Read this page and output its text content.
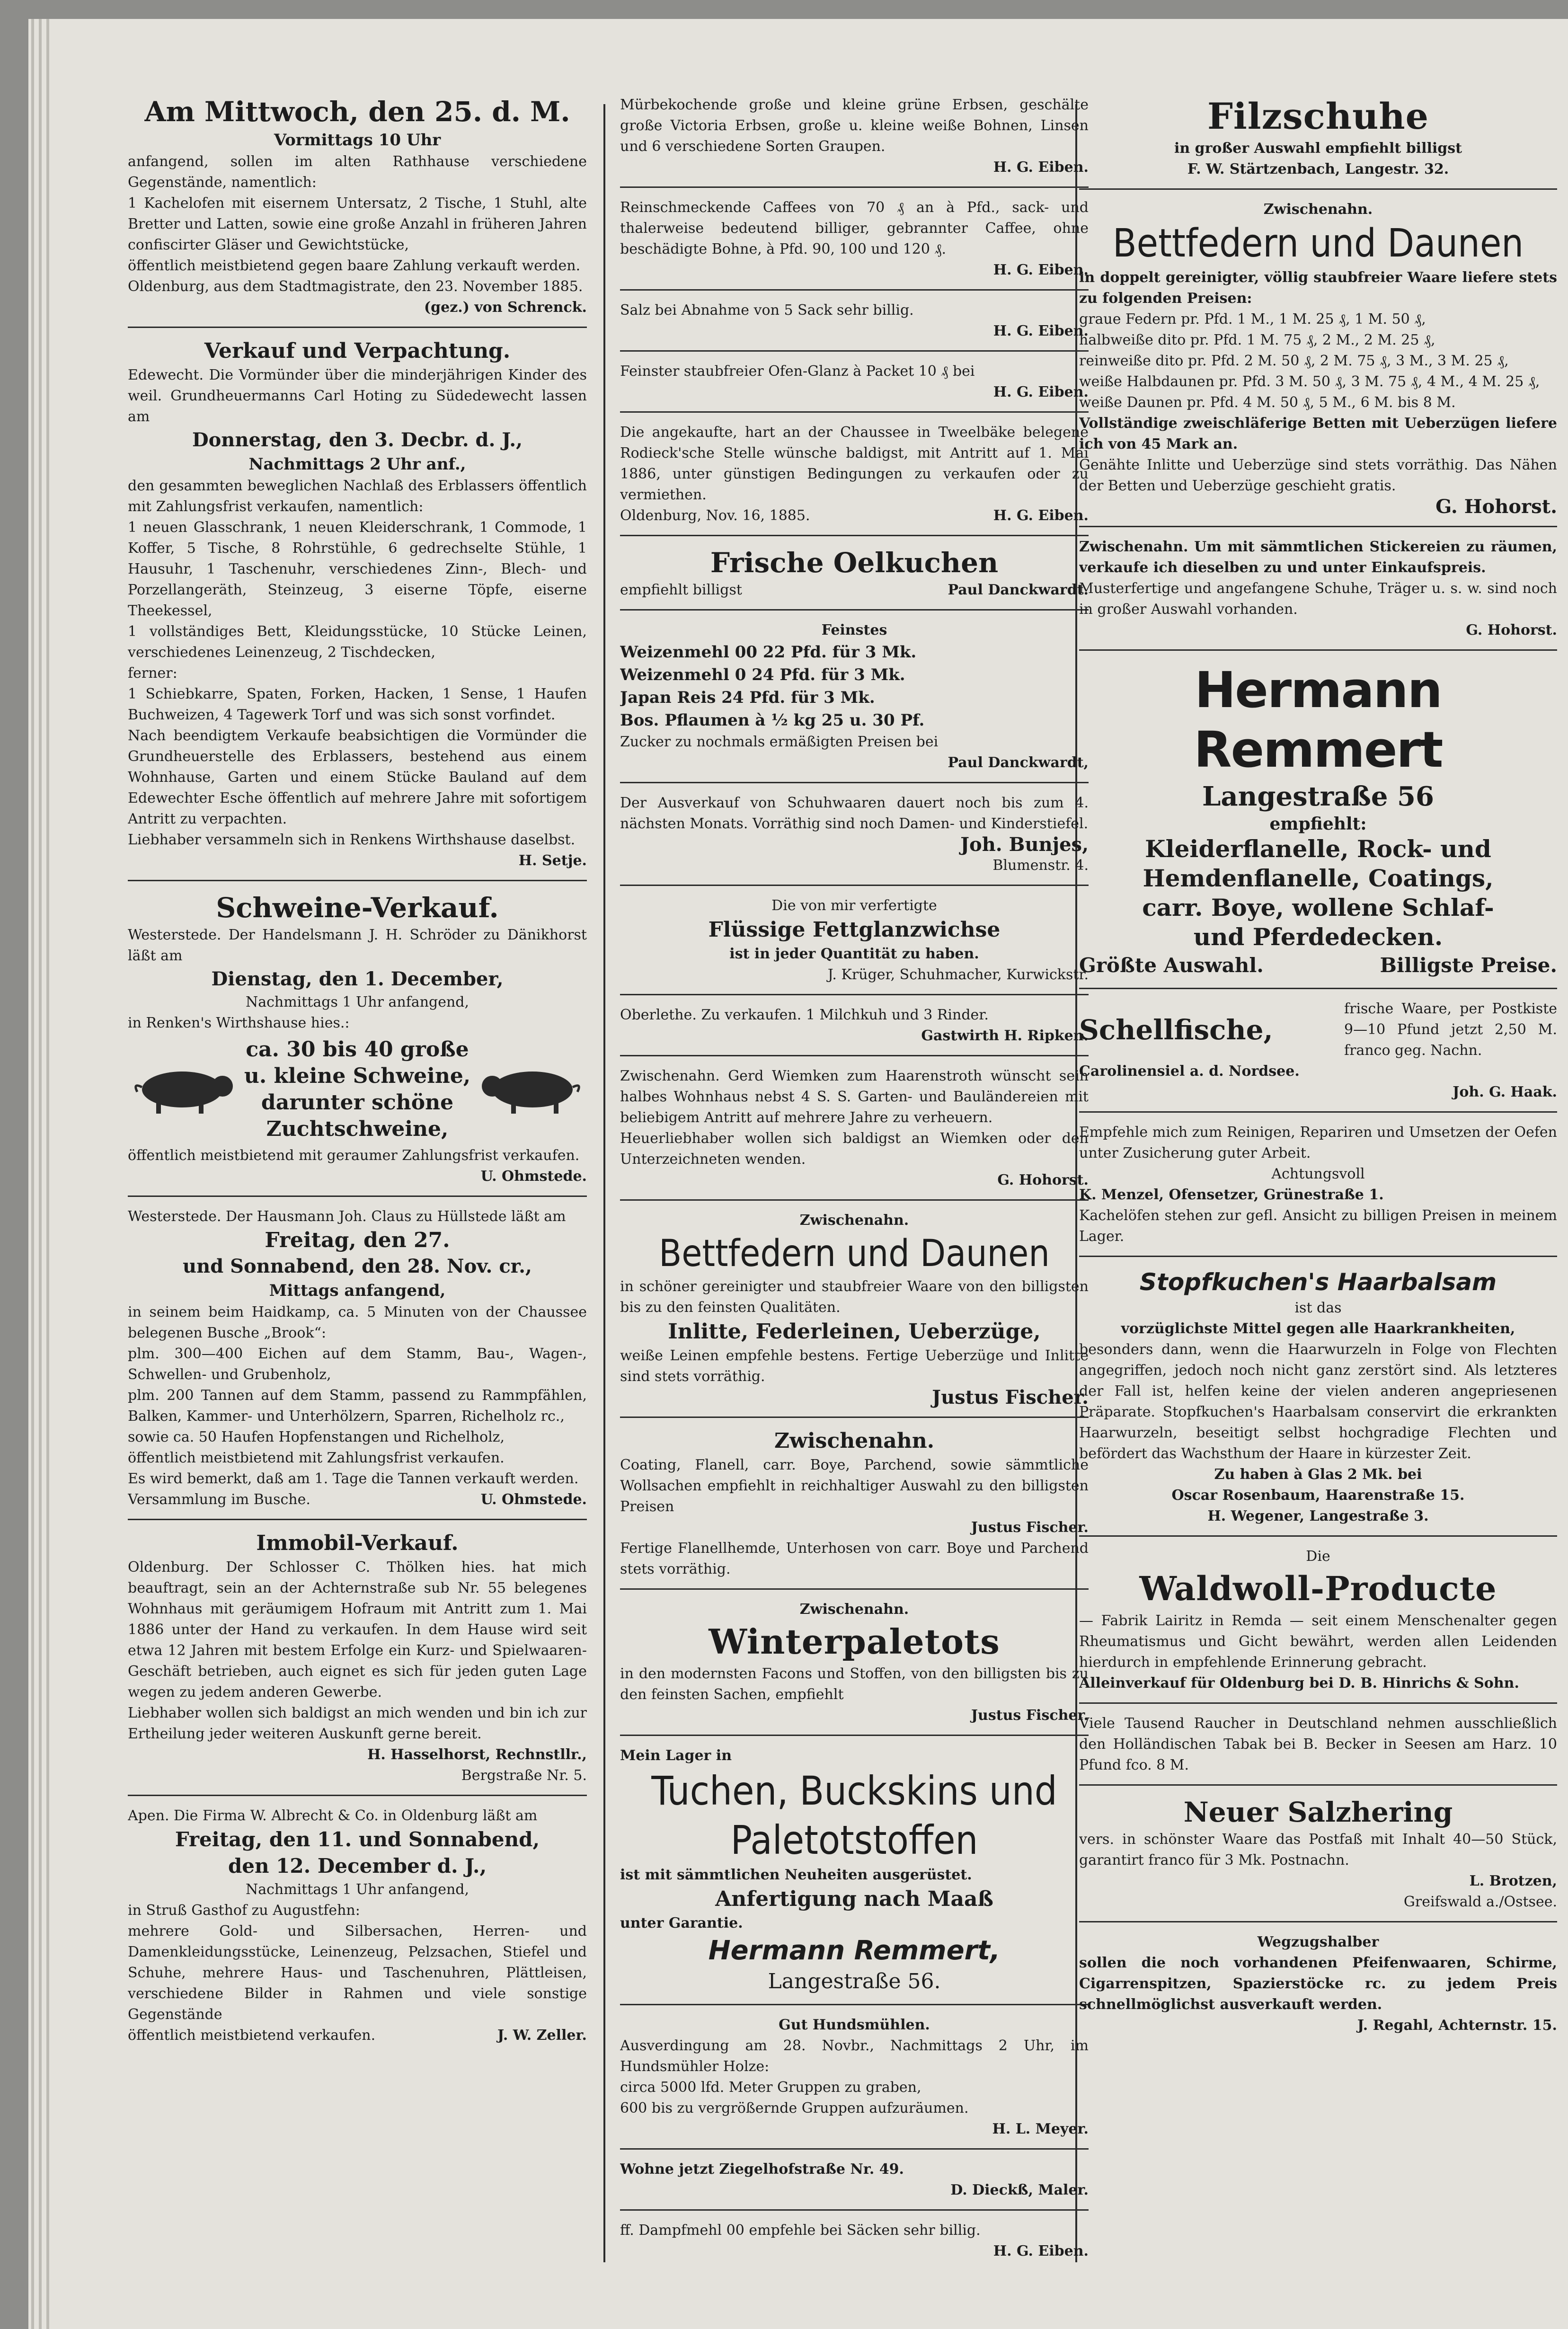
Am Mittwoch, den 25. d. M.

Vormittags 10 Uhr

anfangend, sollen im alten Rathhause verschiedene Gegenstände, namentlich:

1 Kachelofen mit eisernem Untersatz, 2 Tische, 1 Stuhl, alte Bretter und Latten, sowie eine große Anzahl in früheren Jahren confiscirter Gläser und Gewichtstücke,

öffentlich meistbietend gegen baare Zahlung verkauft werden.

Oldenburg, aus dem Stadtmagistrate, den 23. November 1885.

(gez.) von Schrenck.

Verkauf und Verpachtung.

Edewecht. Die Vormünder über die minderjährigen Kinder des weil. Grundheuermanns Carl Hoting zu Südedewecht lassen am

Donnerstag, den 3. Decbr. d. J.,

Nachmittags 2 Uhr anf.,

den gesammten beweglichen Nachlaß des Erblassers öffentlich mit Zahlungsfrist verkaufen, namentlich:

1 neuen Glasschrank, 1 neuen Kleiderschrank, 1 Commode, 1 Koffer, 5 Tische, 8 Rohrstühle, 6 gedrechselte Stühle, 1 Hausuhr, 1 Taschenuhr, verschiedenes Zinn-, Blech- und Porzellangeräth, Steinzeug, 3 eiserne Töpfe, eiserne Theekessel,

1 vollständiges Bett, Kleidungsstücke, 10 Stücke Leinen, verschiedenes Leinenzeug, 2 Tischdecken,

ferner:

1 Schiebkarre, Spaten, Forken, Hacken, 1 Sense, 1 Haufen Buchweizen, 4 Tagewerk Torf und was sich sonst vorfindet.

Nach beendigtem Verkaufe beabsichtigen die Vormünder die Grundheuerstelle des Erblassers, bestehend aus einem Wohnhause, Garten und einem Stücke Bauland auf dem Edewechter Esche öffentlich auf mehrere Jahre mit sofortigem Antritt zu verpachten.

Liebhaber versammeln sich in Renkens Wirthshause daselbst.

H. Setje.

Schweine-Verkauf.

Westerstede. Der Handelsmann J. H. Schröder zu Dänikhorst läßt am

Dienstag, den 1. December,

Nachmittags 1 Uhr anfangend,

in Renken's Wirthshause hies.:

ca. 30 bis 40 große u. kleine Schweine, darunter schöne Zuchtschweine,

öffentlich meistbietend mit geraumer Zahlungsfrist verkaufen.

U. Ohmstede.

Westerstede. Der Hausmann Joh. Claus zu Hüllstede läßt am

Freitag, den 27.

und Sonnabend, den 28. Nov. cr.,

Mittags anfangend,

in seinem beim Haidkamp, ca. 5 Minuten von der Chaussee belegenen Busche „Brook“:

plm. 300—400 Eichen auf dem Stamm, Bau-, Wagen-, Schwellen- und Grubenholz,

plm. 200 Tannen auf dem Stamm, passend zu Rammpfählen, Balken, Kammer- und Unterhölzern, Sparren, Richelholz rc.,

sowie ca. 50 Haufen Hopfenstangen und Richelholz,

öffentlich meistbietend mit Zahlungsfrist verkaufen.

Es wird bemerkt, daß am 1. Tage die Tannen verkauft werden.

Versammlung im Busche.	U. Ohmstede.

Immobil-Verkauf.

Oldenburg. Der Schlosser C. Thölken hies. hat mich beauftragt, sein an der Achternstraße sub Nr. 55 belegenes Wohnhaus mit geräumigem Hofraum mit Antritt zum 1. Mai 1886 unter der Hand zu verkaufen. In dem Hause wird seit etwa 12 Jahren mit bestem Erfolge ein Kurz- und Spielwaaren-Geschäft betrieben, auch eignet es sich für jeden guten Lage wegen zu jedem anderen Gewerbe.

Liebhaber wollen sich baldigst an mich wenden und bin ich zur Ertheilung jeder weiteren Auskunft gerne bereit.

H. Hasselhorst, Rechnstllr.,

Bergstraße Nr. 5.

Apen. Die Firma W. Albrecht & Co. in Oldenburg läßt am

Freitag, den 11. und Sonnabend,

den 12. December d. J.,

Nachmittags 1 Uhr anfangend,

in Struß Gasthof zu Augustfehn:

mehrere Gold- und Silbersachen, Herren- und Damenkleidungsstücke, Leinenzeug, Pelzsachen, Stiefel und Schuhe, mehrere Haus- und Taschenuhren, Plättleisen, verschiedene Bilder in Rahmen und viele sonstige Gegenstände

öffentlich meistbietend verkaufen.	J. W. Zeller.

Mürbekochende große und kleine grüne Erbsen, geschälte große Victoria Erbsen, große u. kleine weiße Bohnen, Linsen und 6 verschiedene Sorten Graupen.

H. G. Eiben.

Reinschmeckende Caffees von 70 ₰ an à Pfd., sack- und thalerweise bedeutend billiger, gebrannter Caffee, ohne beschädigte Bohne, à Pfd. 90, 100 und 120 ₰.

H. G. Eiben.

Salz bei Abnahme von 5 Sack sehr billig.

H. G. Eiben.

Feinster staubfreier Ofen-Glanz à Packet 10 ₰ bei

H. G. Eiben.

Die angekaufte, hart an der Chaussee in Tweelbäke belegene Rodieck'sche Stelle wünsche baldigst, mit Antritt auf 1. Mai 1886, unter günstigen Bedingungen zu verkaufen oder zu vermiethen.

Oldenburg, Nov. 16, 1885.	H. G. Eiben.

Frische Oelkuchen

empfiehlt billigst	Paul Danckwardt.

Feinstes

Weizenmehl 00 22 Pfd. für 3 Mk.

Weizenmehl 0 24 Pfd. für 3 Mk.

Japan Reis 24 Pfd. für 3 Mk.

Bos. Pflaumen à ½ kg 25 u. 30 Pf.

Zucker zu nochmals ermäßigten Preisen bei

Paul Danckwardt,

Der Ausverkauf von Schuhwaaren dauert noch bis zum 4. nächsten Monats. Vorräthig sind noch Damen- und Kinderstiefel.

Joh. Bunjes,

Blumenstr. 4.

Die von mir verfertigte

Flüssige Fettglanzwichse

ist in jeder Quantität zu haben.

J. Krüger, Schuhmacher, Kurwickstr.

Oberlethe. Zu verkaufen. 1 Milchkuh und 3 Rinder.

Gastwirth H. Ripken.

Zwischenahn. Gerd Wiemken zum Haarenstroth wünscht sein halbes Wohnhaus nebst 4 S. S. Garten- und Bauländereien mit beliebigem Antritt auf mehrere Jahre zu verheuern.

Heuerliebhaber wollen sich baldigst an Wiemken oder den Unterzeichneten wenden.

G. Hohorst.

Zwischenahn.

Bettfedern und Daunen

in schöner gereinigter und staubfreier Waare von den billigsten bis zu den feinsten Qualitäten.

Inlitte, Federleinen, Ueberzüge,

weiße Leinen empfehle bestens. Fertige Ueberzüge und Inlitte sind stets vorräthig.

Justus Fischer.

Zwischenahn.

Coating, Flanell, carr. Boye, Parchend, sowie sämmtliche Wollsachen empfiehlt in reichhaltiger Auswahl zu den billigsten Preisen

Justus Fischer.

Fertige Flanellhemde, Unterhosen von carr. Boye und Parchend stets vorräthig.

Zwischenahn.

Winterpaletots

in den modernsten Facons und Stoffen, von den billigsten bis zu den feinsten Sachen, empfiehlt

Justus Fischer.

Mein Lager in

Tuchen, Buckskins und

Paletotstoffen

ist mit sämmtlichen Neuheiten ausgerüstet.

Anfertigung nach Maaß

unter Garantie.

Hermann Remmert,

Langestraße 56.

Gut Hundsmühlen.

Ausverdingung am 28. Novbr., Nachmittags 2 Uhr, im Hundsmühler Holze:

circa 5000 lfd. Meter Gruppen zu graben,

600 bis zu vergrößernde Gruppen aufzuräumen.

H. L. Meyer.

Wohne jetzt Ziegelhofstraße Nr. 49.

D. Dieckß, Maler.

ff. Dampfmehl 00 empfehle bei Säcken sehr billig.

H. G. Eiben.

Filzschuhe

in großer Auswahl empfiehlt billigst

F. W. Stärtzenbach, Langestr. 32.

Zwischenahn.

Bettfedern und Daunen

in doppelt gereinigter, völlig staubfreier Waare liefere stets zu folgenden Preisen:

graue Federn pr. Pfd. 1 M., 1 M. 25 ₰, 1 M. 50 ₰,

halbweiße dito pr. Pfd. 1 M. 75 ₰, 2 M., 2 M. 25 ₰,

reinweiße dito pr. Pfd. 2 M. 50 ₰, 2 M. 75 ₰, 3 M., 3 M. 25 ₰,

weiße Halbdaunen pr. Pfd. 3 M. 50 ₰, 3 M. 75 ₰, 4 M., 4 M. 25 ₰,

weiße Daunen pr. Pfd. 4 M. 50 ₰, 5 M., 6 M. bis 8 M.

Vollständige zweischläferige Betten mit Ueberzügen liefere ich von 45 Mark an.

Genähte Inlitte und Ueberzüge sind stets vorräthig. Das Nähen der Betten und Ueberzüge geschieht gratis.

G. Hohorst.

Zwischenahn. Um mit sämmtlichen Stickereien zu räumen, verkaufe ich dieselben zu und unter Einkaufspreis.

Musterfertige und angefangene Schuhe, Träger u. s. w. sind noch in großer Auswahl vorhanden.

G. Hohorst.

Hermann Remmert

Langestraße 56

empfiehlt:

Kleiderflanelle, Rock- und

Hemdenflanelle, Coatings,

carr. Boye, wollene Schlaf-

und Pferdedecken.

Größte Auswahl.	Billigste Preise.

Schellfische,

frische Waare, per Postkiste 9—10 Pfund jetzt 2,50 M. franco geg. Nachn.

Carolinensiel a. d. Nordsee.

Joh. G. Haak.

Empfehle mich zum Reinigen, Repariren und Umsetzen der Oefen unter Zusicherung guter Arbeit.

Achtungsvoll

K. Menzel, Ofensetzer, Grünestraße 1.

Kachelöfen stehen zur gefl. Ansicht zu billigen Preisen in meinem Lager.

Stopfkuchen's Haarbalsam

ist das

vorzüglichste Mittel gegen alle Haarkrankheiten,

besonders dann, wenn die Haarwurzeln in Folge von Flechten angegriffen, jedoch noch nicht ganz zerstört sind. Als letzteres der Fall ist, helfen keine der vielen anderen angepriesenen Präparate. Stopfkuchen's Haarbalsam conservirt die erkrankten Haarwurzeln, beseitigt selbst hochgradige Flechten und befördert das Wachsthum der Haare in kürzester Zeit.

Zu haben à Glas 2 Mk. bei

Oscar Rosenbaum, Haarenstraße 15.

H. Wegener, Langestraße 3.

Die

Waldwoll-Producte

— Fabrik Lairitz in Remda — seit einem Menschenalter gegen Rheumatismus und Gicht bewährt, werden allen Leidenden hierdurch in empfehlende Erinnerung gebracht.

Alleinverkauf für Oldenburg bei D. B. Hinrichs & Sohn.

Viele Tausend Raucher in Deutschland nehmen ausschließlich den Holländischen Tabak bei B. Becker in Seesen am Harz. 10 Pfund fco. 8 M.

Neuer Salzhering

vers. in schönster Waare das Postfaß mit Inhalt 40—50 Stück, garantirt franco für 3 Mk. Postnachn.

L. Brotzen,

Greifswald a./Ostsee.

Wegzugshalber

sollen die noch vorhandenen Pfeifenwaaren, Schirme, Cigarrenspitzen, Spazierstöcke rc. zu jedem Preis schnellmöglichst ausverkauft werden.

J. Regahl, Achternstr. 15.
